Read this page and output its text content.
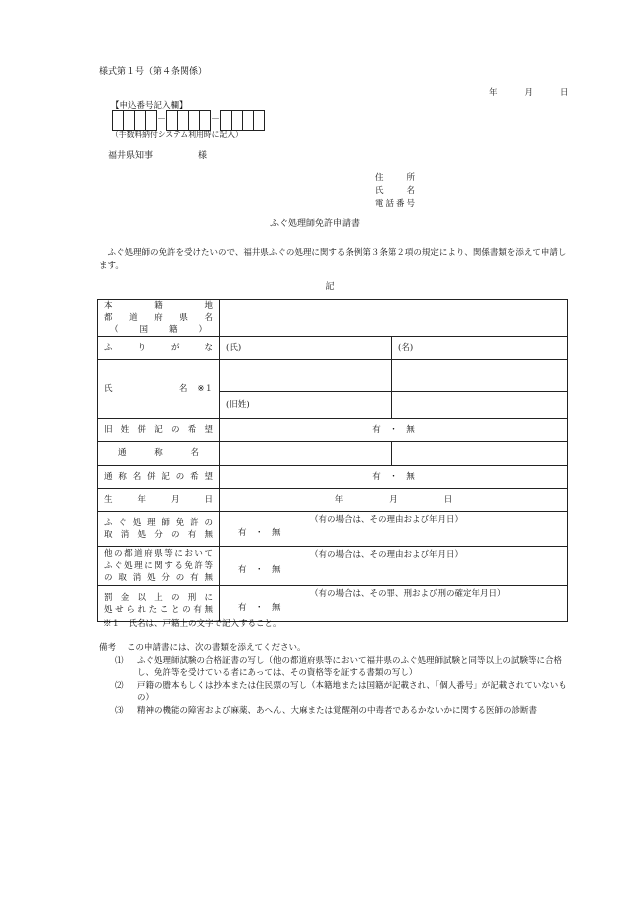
様式第１号（第４条関係）
年	月	日
【申込番号記入欄】
－	－
（手数料納付システム利用時に記入）
福井県知事	様
住所
氏名
電話番号
ふぐ処理師免許申請書
ふぐ処理師の免許を受けたいので、福井県ふぐの処理に関する条例第３条第２項の規定により、関係書類を添えて申請します。
記
本籍地
都道府県名
（国籍）		

ふりがな	(氏)	(名)

氏名 ※１		

	(旧姓)	

旧姓併記の希望	有　・　無	

通称名		

通称名併記の希望	有　・　無	

生 年 月 日	年 月 日	

ふぐ処理師免許の
取消処分の有無	（有の場合は、その理由および年月日）
有　・　無	

他の都道府県等において
ふぐ処理に関する免許等
の取消処分の有無	（有の場合は、その理由および年月日）
有　・　無	

罰金以上の刑に
処せられたことの有無	（有の場合は、その罪、刑および刑の確定年月日）
有　・　無	
※１　氏名は、戸籍上の文字で記入すること。
備考	この申請書には、次の書類を添えてください。
⑴	ふぐ処理師試験の合格証書の写し（他の都道府県等において福井県のふぐ処理師試験と同等以上の試験等に合格し、免許等を受けている者にあっては、その資格等を証する書類の写し）
⑵	戸籍の謄本もしくは抄本または住民票の写し（本籍地または国籍が記載され、「個人番号」が記載されていないもの）
⑶	精神の機能の障害および麻薬、あへん、大麻または覚醒剤の中毒者であるかないかに関する医師の診断書
